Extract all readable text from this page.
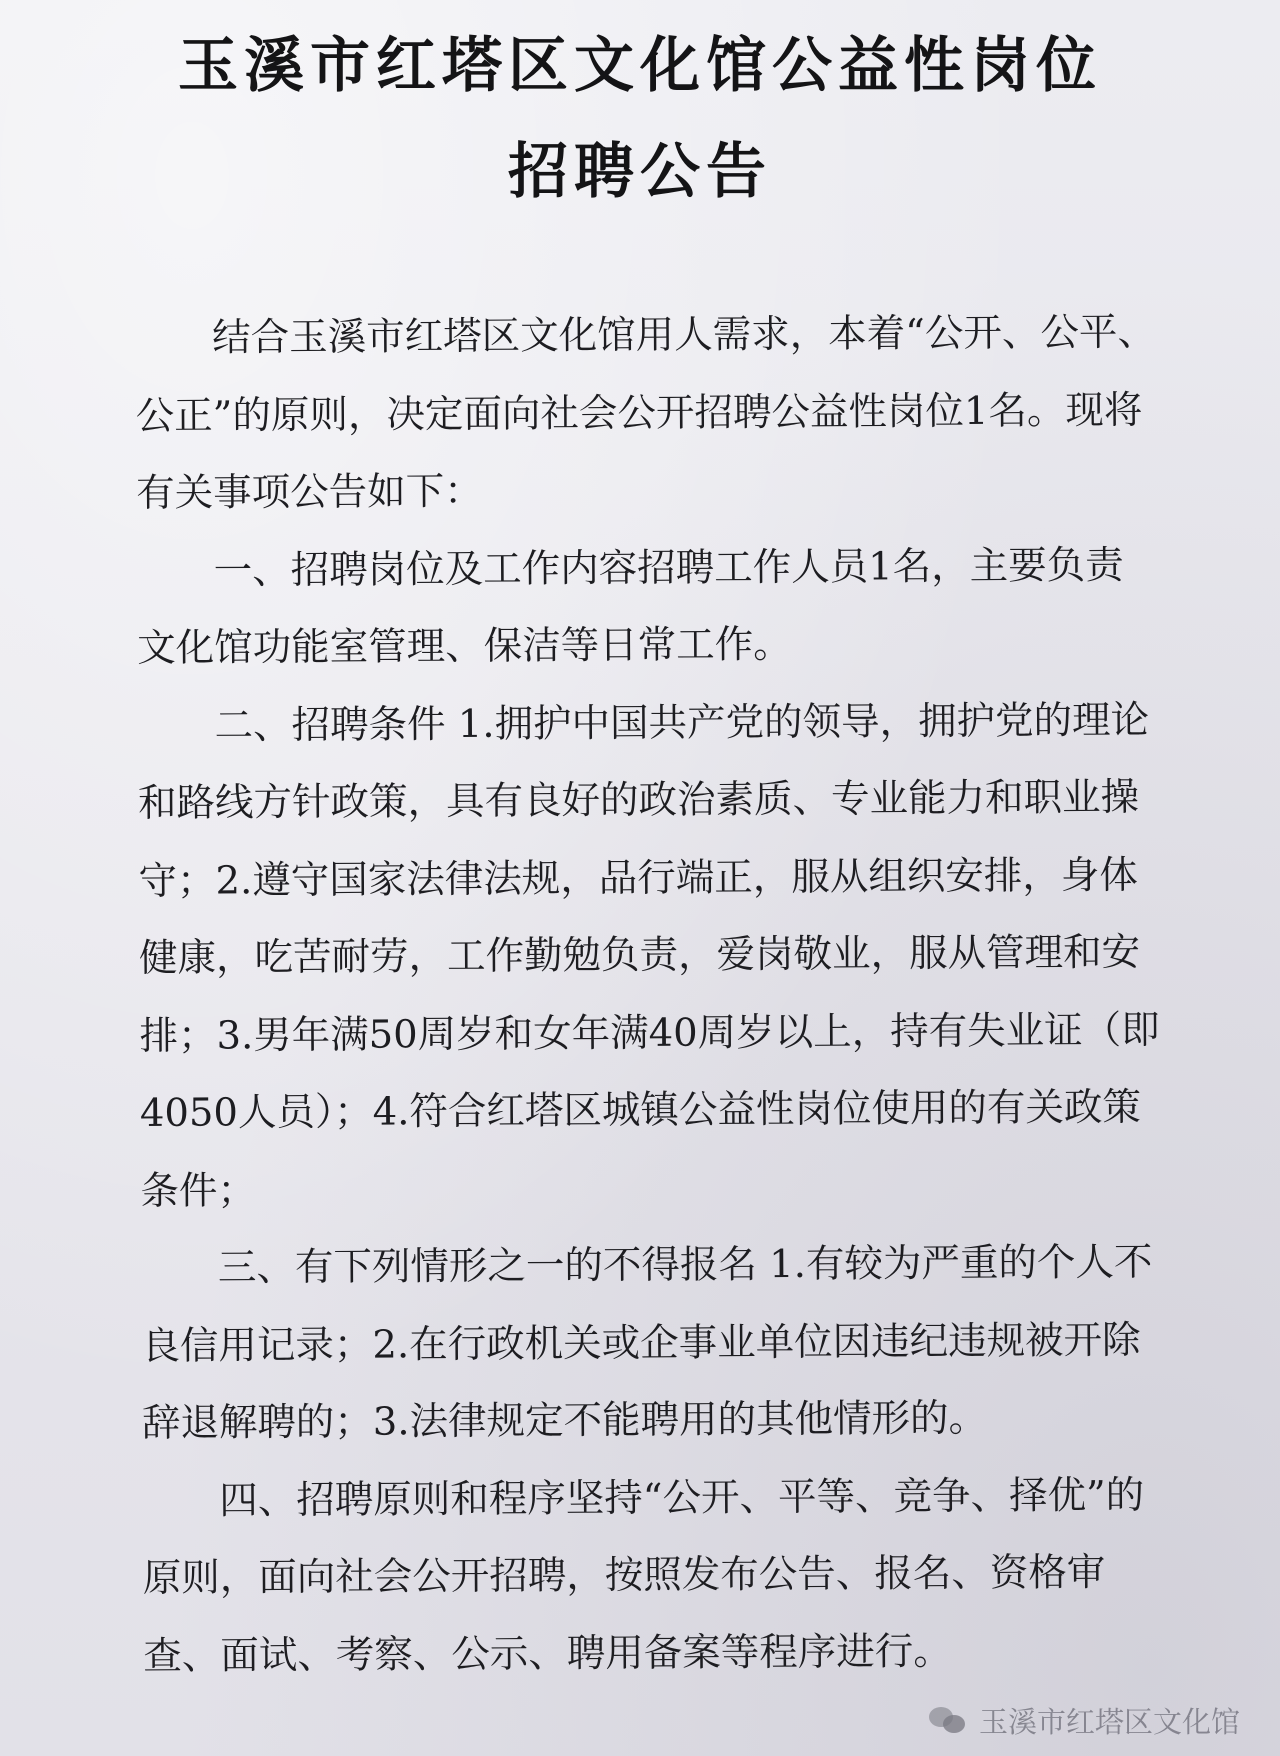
玉溪市红塔区文化馆公益性岗位
招聘公告

结合玉溪市红塔区文化馆用人需求，本着“公开、公平、公正”的原则，决定面向社会公开招聘公益性岗位1名。现将有关事项公告如下：

一、招聘岗位及工作内容招聘工作人员1名，主要负责文化馆功能室管理、保洁等日常工作。

二、招聘条件 1.拥护中国共产党的领导，拥护党的理论和路线方针政策，具有良好的政治素质、专业能力和职业操守；2.遵守国家法律法规，品行端正，服从组织安排，身体健康，吃苦耐劳，工作勤勉负责，爱岗敬业，服从管理和安排；3.男年满50周岁和女年满40周岁以上，持有失业证（即4050人员）；4.符合红塔区城镇公益性岗位使用的有关政策条件；

三、有下列情形之一的不得报名 1.有较为严重的个人不良信用记录；2.在行政机关或企事业单位因违纪违规被开除辞退解聘的；3.法律规定不能聘用的其他情形的。

四、招聘原则和程序坚持“公开、平等、竞争、择优”的原则，面向社会公开招聘，按照发布公告、报名、资格审查、面试、考察、公示、聘用备案等程序进行。

玉溪市红塔区文化馆
